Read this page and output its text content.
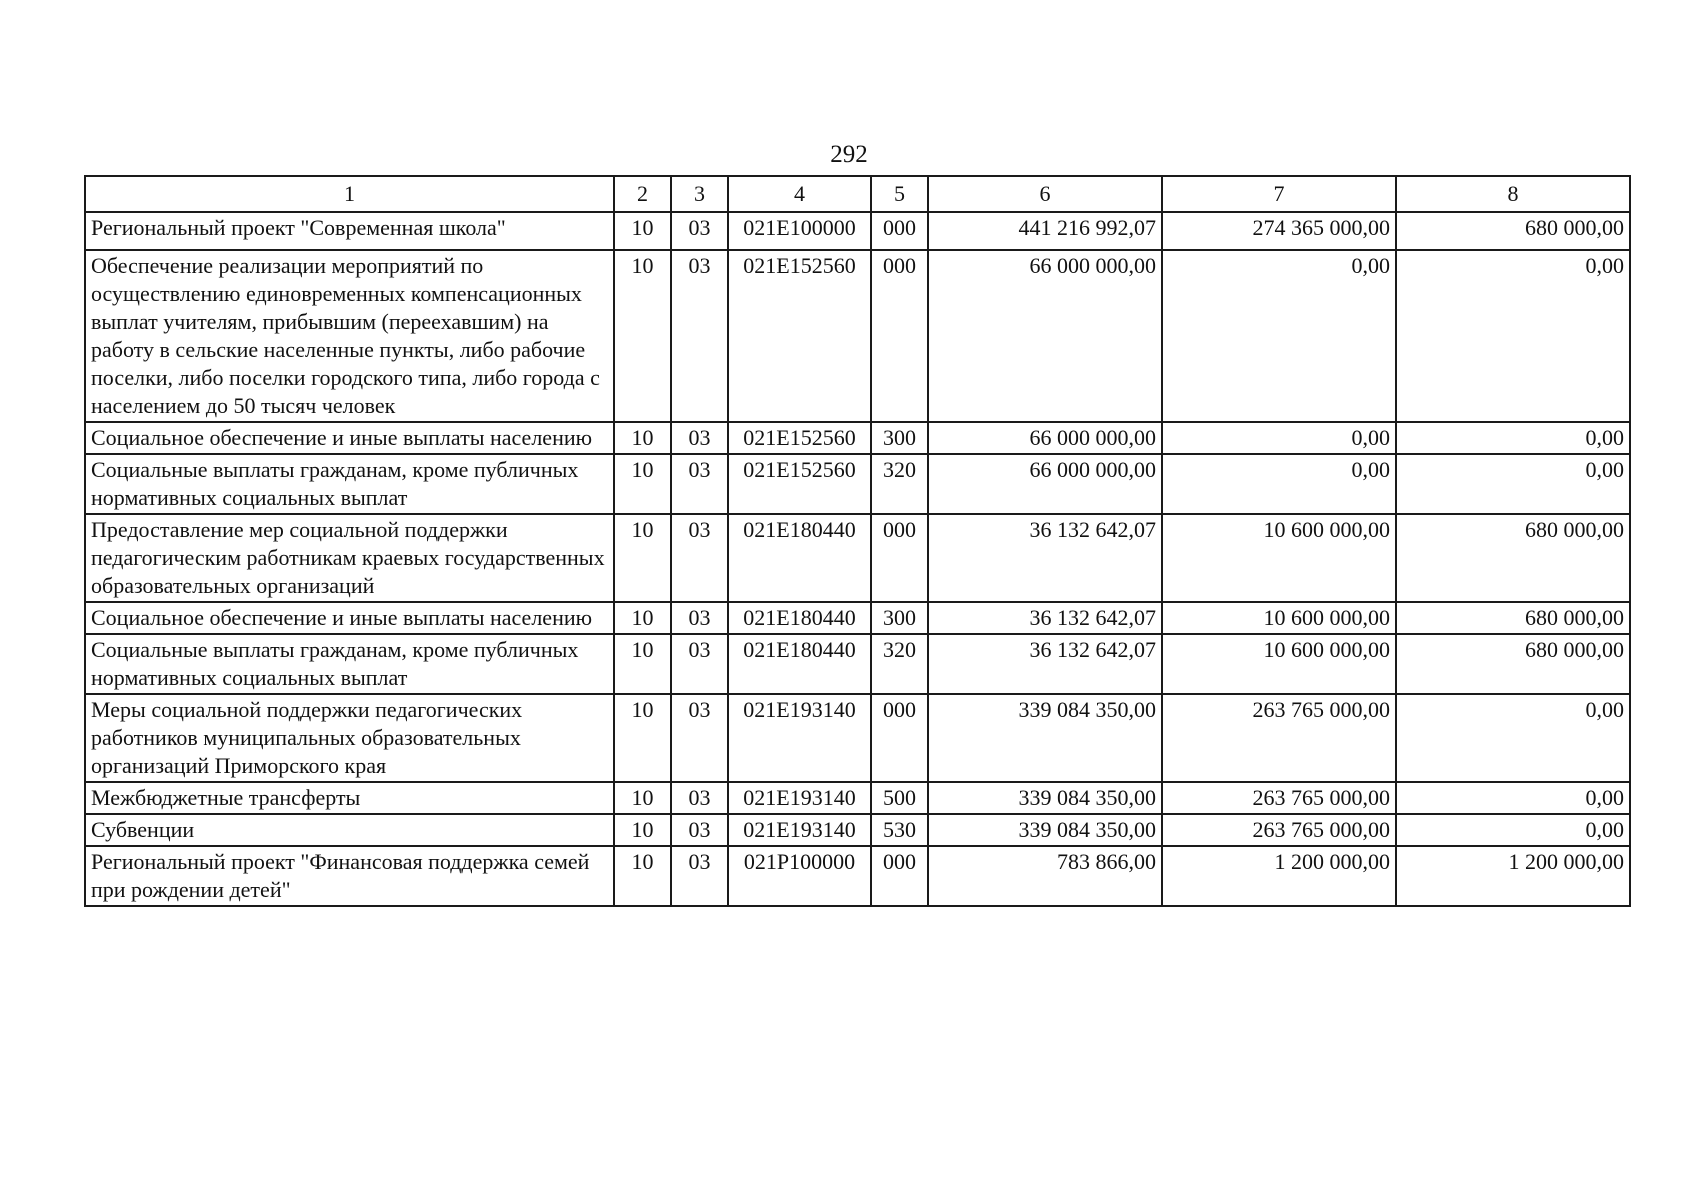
292
1	2	3	4	5	6	7	8
Региональный проект "Современная школа"	10	03	021E100000	000	441 216 992,07	274 365 000,00	680 000,00
Обеспечение реализации мероприятий по осуществлению единовременных компенсационных выплат учителям, прибывшим (переехавшим) на работу в сельские населенные пункты, либо рабочие поселки, либо поселки городского типа, либо города с населением до 50 тысяч человек	10	03	021E152560	000	66 000 000,00	0,00	0,00
Социальное обеспечение и иные выплаты населению	10	03	021E152560	300	66 000 000,00	0,00	0,00
Социальные выплаты гражданам, кроме публичных нормативных социальных выплат	10	03	021E152560	320	66 000 000,00	0,00	0,00
Предоставление мер социальной поддержки педагогическим работникам краевых государственных образовательных организаций	10	03	021E180440	000	36 132 642,07	10 600 000,00	680 000,00
Социальное обеспечение и иные выплаты населению	10	03	021E180440	300	36 132 642,07	10 600 000,00	680 000,00
Социальные выплаты гражданам, кроме публичных нормативных социальных выплат	10	03	021E180440	320	36 132 642,07	10 600 000,00	680 000,00
Меры социальной поддержки педагогических работников муниципальных образовательных организаций Приморского края	10	03	021E193140	000	339 084 350,00	263 765 000,00	0,00
Межбюджетные трансферты	10	03	021E193140	500	339 084 350,00	263 765 000,00	0,00
Субвенции	10	03	021E193140	530	339 084 350,00	263 765 000,00	0,00
Региональный проект "Финансовая поддержка семей при рождении детей"	10	03	021P100000	000	783 866,00	1 200 000,00	1 200 000,00
